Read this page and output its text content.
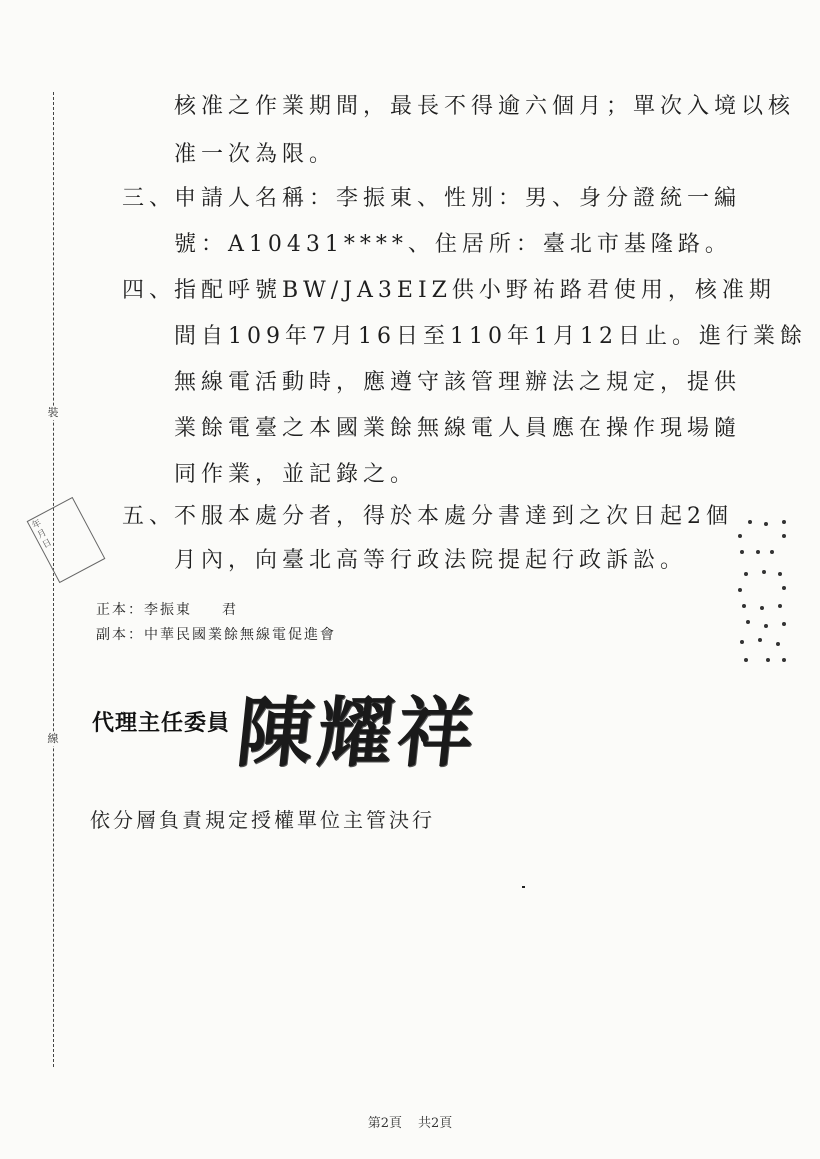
裝
線
年
月
日
核准之作業期間，最長不得逾六個月；單次入境以核
准一次為限。
三、
申請人名稱：李振東、性別：男、身分證統一編
號：A10431****、住居所：臺北市基隆路。
四、
指配呼號BW/JA3EIZ供小野祐路君使用，核准期
間自109年7月16日至110年1月12日止。進行業餘
無線電活動時，應遵守該管理辦法之規定，提供
業餘電臺之本國業餘無線電人員應在操作現場隨
同作業，並記錄之。
五、
不服本處分者，得於本處分書達到之次日起2個
月內，向臺北高等行政法院提起行政訴訟。
正本：李振東 君
副本：中華民國業餘無線電促進會
代理主任委員 陳耀祥
依分層負責規定授權單位主管決行
第2頁 共2頁
